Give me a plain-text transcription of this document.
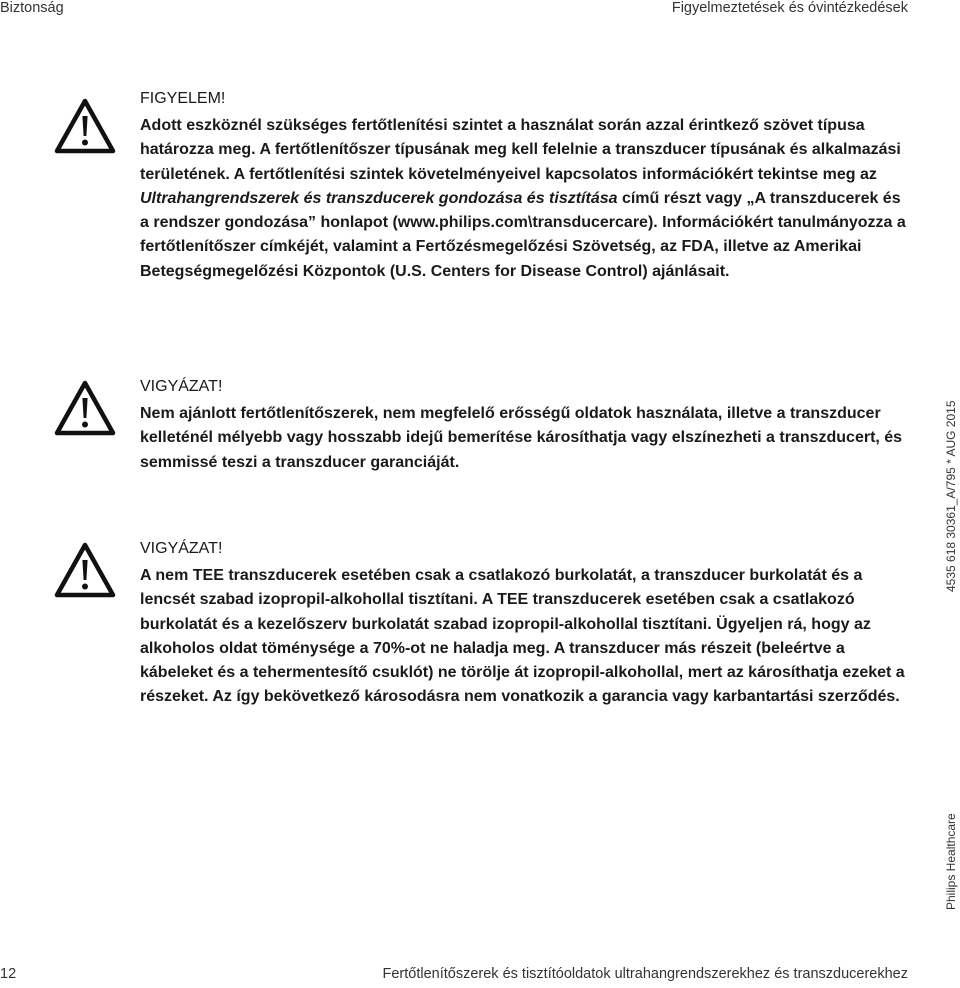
Biztonság	Figyelmeztetések és óvintézkedések

FIGYELEM!

Adott eszköznél szükséges fertőtlenítési szintet a használat során azzal érintkező szövet típusa határozza meg. A fertőtlenítőszer típusának meg kell felelnie a transzducer típusának és alkalmazási területének. A fertőtlenítési szintek követelményeivel kapcsolatos információkért tekintse meg az Ultrahangrendszerek és transzducerek gondozása és tisztítása című részt vagy „A transzducerek és a rendszer gondozása” honlapot (www.philips.com\transducercare). Információkért tanulmányozza a fertőtlenítőszer címkéjét, valamint a Fertőzésmegelőzési Szövetség, az FDA, illetve az Amerikai Betegségmegelőzési Központok (U.S. Centers for Disease Control) ajánlásait.

VIGYÁZAT!

Nem ajánlott fertőtlenítőszerek, nem megfelelő erősségű oldatok használata, illetve a transzducer kelleténél mélyebb vagy hosszabb idejű bemerítése károsíthatja vagy elszínezheti a transzducert, és semmissé teszi a transzducer garanciáját.

VIGYÁZAT!

A nem TEE transzducerek esetében csak a csatlakozó burkolatát, a transzducer burkolatát és a lencsét szabad izopropil-alkohollal tisztítani. A TEE transzducerek esetében csak a csatlakozó burkolatát és a kezelőszerv burkolatát szabad izopropil-alkohollal tisztítani. Ügyeljen rá, hogy az alkoholos oldat töménysége a 70%-ot ne haladja meg. A transzducer más részeit (beleértve a kábeleket és a tehermentesítő csuklót) ne törölje át izopropil-alkohollal, mert az károsíthatja ezeket a részeket. Az így bekövetkező károsodásra nem vonatkozik a garancia vagy karbantartási szerződés.

4535 618 30361_A/795 * AUG 2015
Philips Healthcare
12	Fertőtlenítőszerek és tisztítóoldatok ultrahangrendszerekhez és transzducerekhez
